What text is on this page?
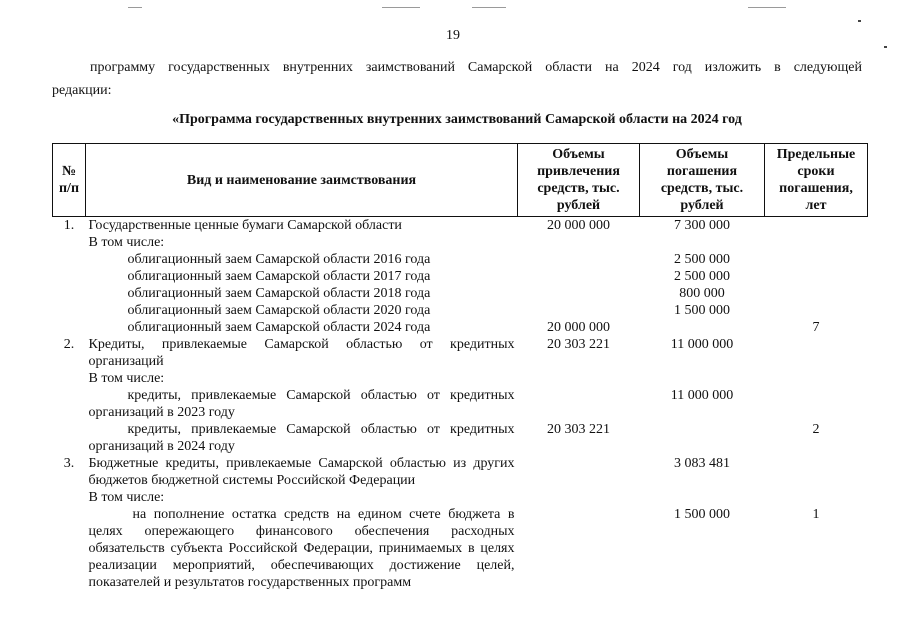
19
программу государственных внутренних заимствований Самарской области на 2024 год изложить в следующей
редакции:
«Программа государственных внутренних заимствований Самарской области на 2024 год
№ п/п	Вид и наименование заимствования	Объемы привлечения средств, тыс. рублей	Объемы погашения средств, тыс. рублей	Предельные сроки погашения, лет
1.	Государственные ценные бумаги Самарской области	20 000 000	7 300 000	
	В том числе:			

	облигационный заем Самарской области 2016 года		2 500 000	

	облигационный заем Самарской области 2017 года		2 500 000	

	облигационный заем Самарской области 2018 года		800 000	

	облигационный заем Самарской области 2020 года		1 500 000	

	облигационный заем Самарской области 2024 года	20 000 000		7
2.	Кредиты, привлекаемые Самарской областью от кредитных организаций	20 303 221	11 000 000	
	В том числе:			

	кредиты, привлекаемые Самарской областью от кредитных организаций в 2023 году		11 000 000	

	кредиты, привлекаемые Самарской областью от кредитных организаций в 2024 году	20 303 221		2
3.	Бюджетные кредиты, привлекаемые Самарской областью из других бюджетов бюджетной системы Российской Федерации		3 083 481	
	В том числе:			

	на пополнение остатка средств на едином счете бюджета в целях опережающего финансового обеспечения расходных обязательств субъекта Российской Федерации, принимаемых в целях реализации мероприятий, обеспечивающих достижение целей, показателей и результатов государственных программ		1 500 000	1
